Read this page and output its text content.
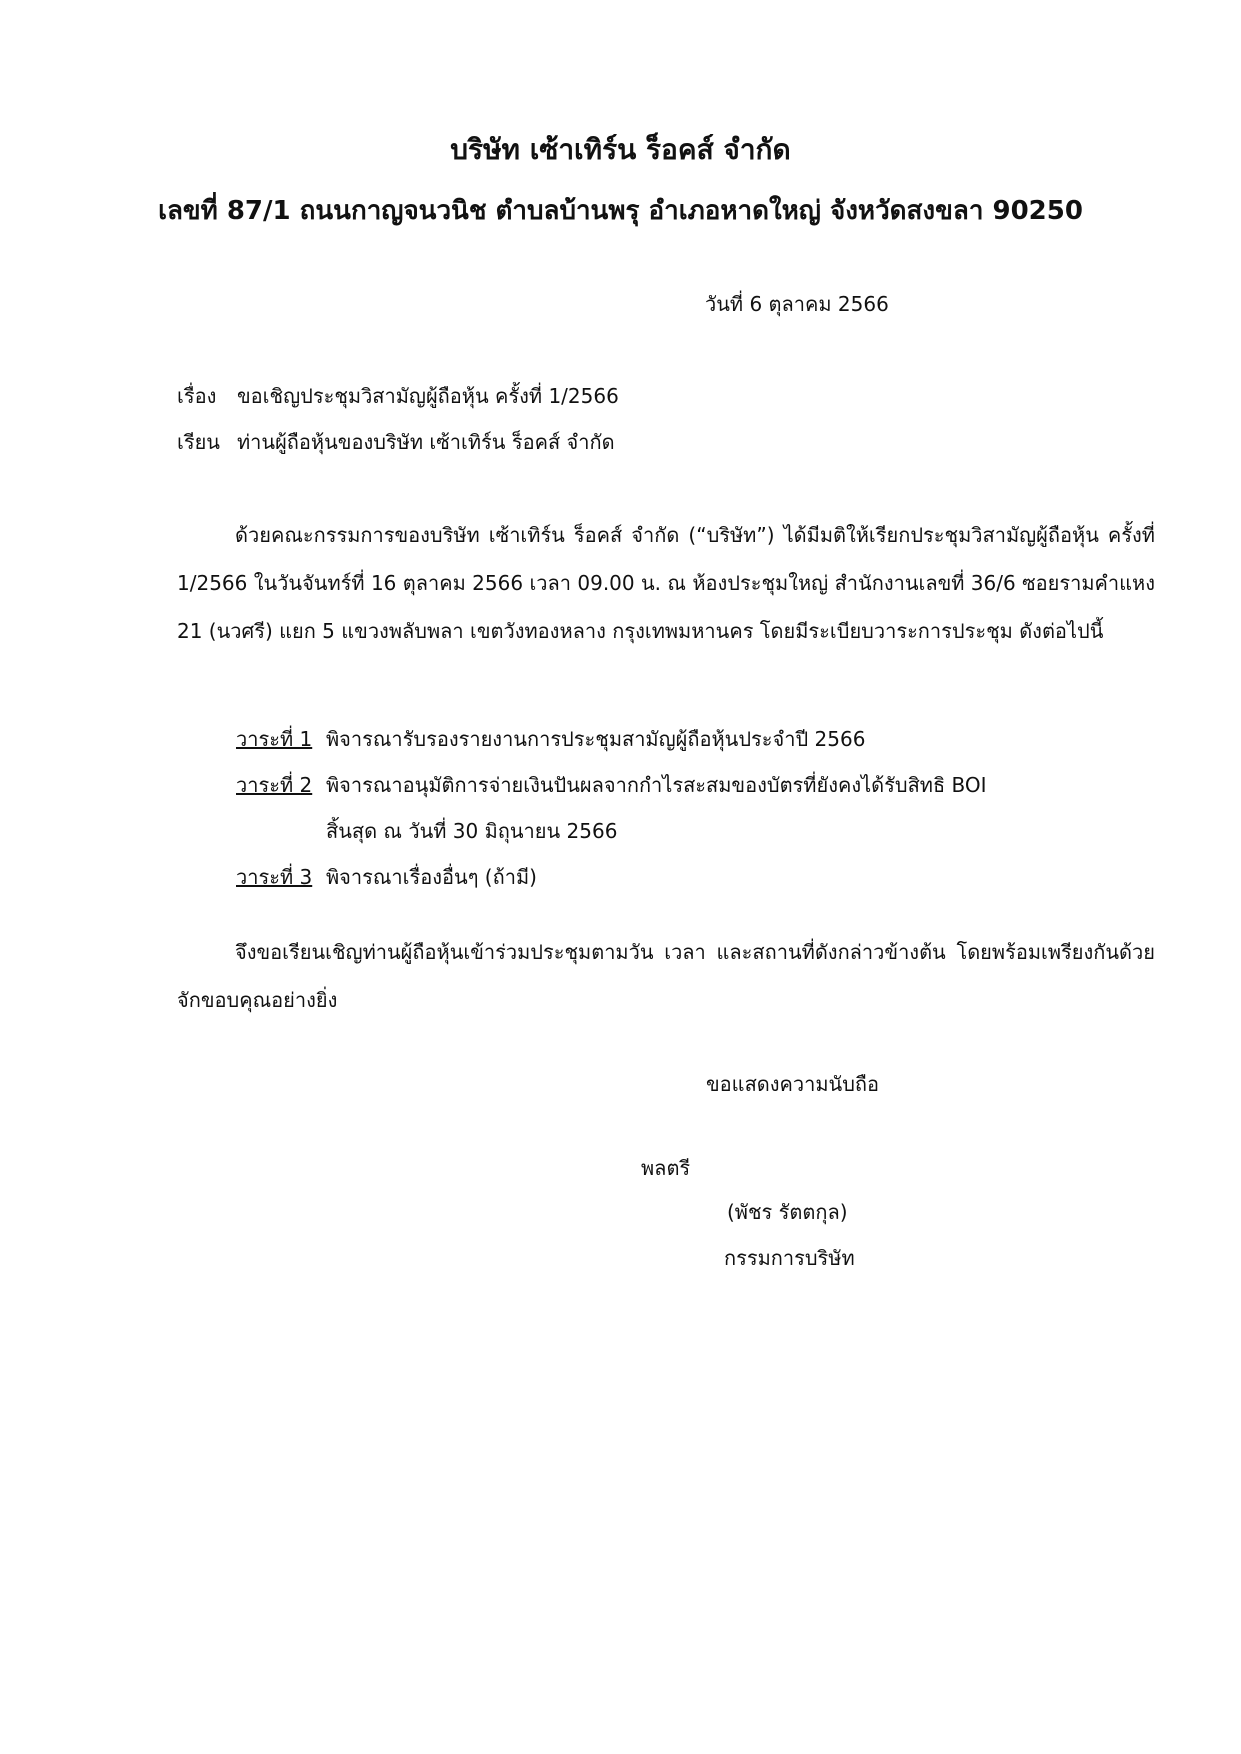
บริษัท เซ้าเทิร์น ร็อคส์ จำกัด
เลขที่ 87/1 ถนนกาญจนวนิช ตำบลบ้านพรุ อำเภอหาดใหญ่ จังหวัดสงขลา 90250
วันที่ 6 ตุลาคม 2566
เรื่อง ขอเชิญประชุมวิสามัญผู้ถือหุ้น ครั้งที่ 1/2566
เรียน ท่านผู้ถือหุ้นของบริษัท เซ้าเทิร์น ร็อคส์ จำกัด
ด้วยคณะกรรมการของบริษัท เซ้าเทิร์น ร็อคส์ จำกัด (“บริษัท”) ได้มีมติให้เรียกประชุมวิสามัญผู้ถือหุ้น ครั้งที่ 1/2566 ในวันจันทร์ที่ 16 ตุลาคม 2566 เวลา 09.00 น. ณ ห้องประชุมใหญ่ สำนักงานเลขที่ 36/6 ซอยรามคำแหง 21 (นวศรี) แยก 5 แขวงพลับพลา เขตวังทองหลาง กรุงเทพมหานคร โดยมีระเบียบวาระการประชุม ดังต่อไปนี้
วาระที่ 1 พิจารณารับรองรายงานการประชุมสามัญผู้ถือหุ้นประจำปี 2566
วาระที่ 2 พิจารณาอนุมัติการจ่ายเงินปันผลจากกำไรสะสมของบัตรที่ยังคงได้รับสิทธิ BOI
สิ้นสุด ณ วันที่ 30 มิถุนายน 2566
วาระที่ 3 พิจารณาเรื่องอื่นๆ (ถ้ามี)
จึงขอเรียนเชิญท่านผู้ถือหุ้นเข้าร่วมประชุมตามวัน เวลา และสถานที่ดังกล่าวข้างต้น โดยพร้อมเพรียงกันด้วย จักขอบคุณอย่างยิ่ง
ขอแสดงความนับถือ
พลตรี
(พัชร รัตตกุล)
กรรมการบริษัท
